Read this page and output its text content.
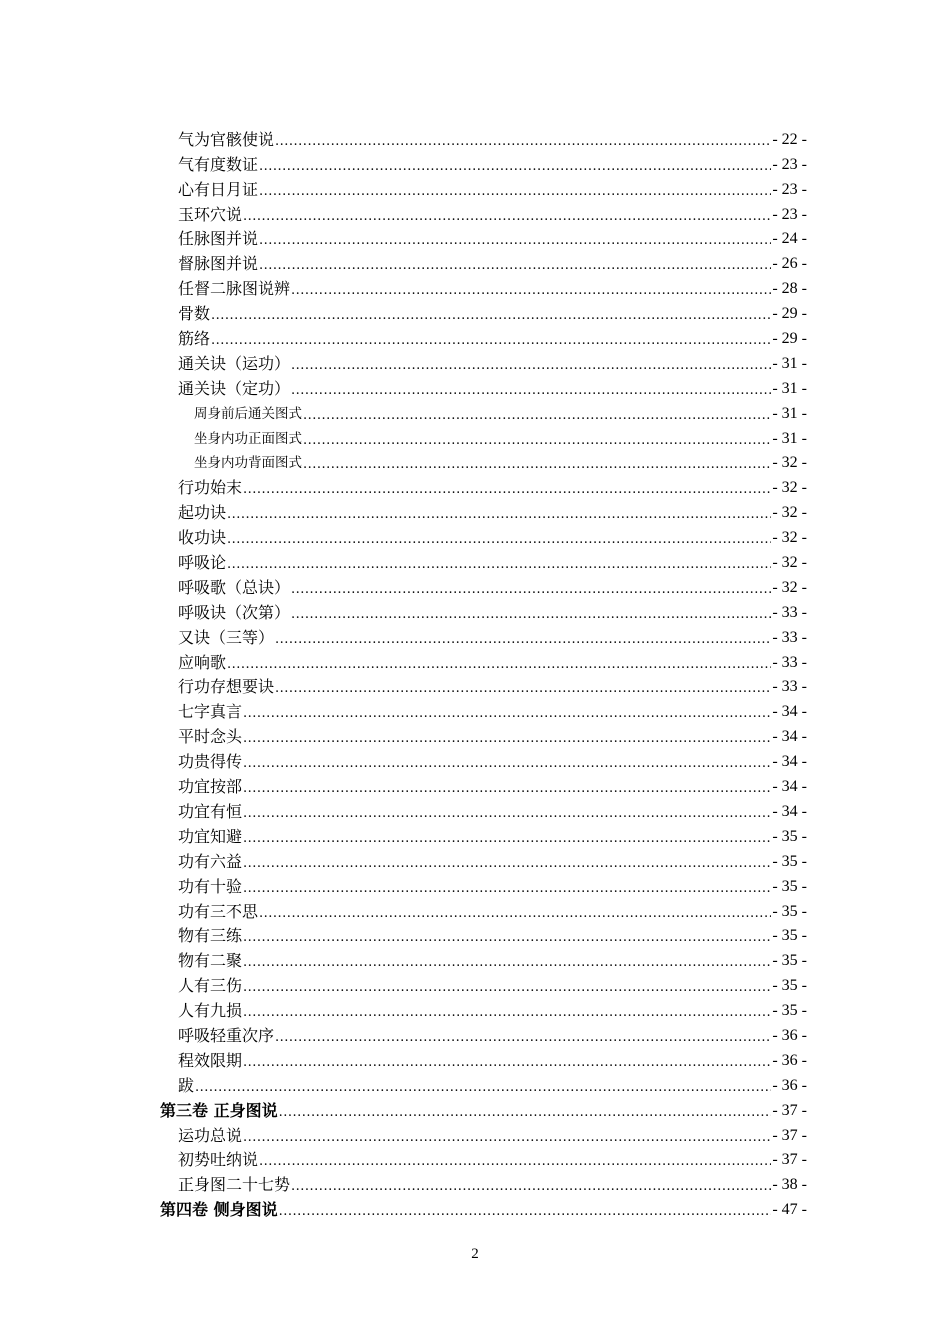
气为官骸使说 .....	- 22 -
气有度数证 .....	- 23 -
心有日月证 .....	- 23 -
玉环穴说 .....	- 23 -
任脉图并说 .....	- 24 -
督脉图并说 .....	- 26 -
任督二脉图说辨 .....	- 28 -
骨数 .....	- 29 -
筋络 .....	- 29 -
通关诀（运功） .....	- 31 -
通关诀（定功） .....	- 31 -
周身前后通关图式 .....	- 31 -
坐身内功正面图式 .....	- 31 -
坐身内功背面图式 .....	- 32 -
行功始末 .....	- 32 -
起功诀 .....	- 32 -
收功诀 .....	- 32 -
呼吸论 .....	- 32 -
呼吸歌（总诀） .....	- 32 -
呼吸诀（次第） .....	- 33 -
又诀（三等） .....	- 33 -
应响歌 .....	- 33 -
行功存想要诀 .....	- 33 -
七字真言 .....	- 34 -
平时念头 .....	- 34 -
功贵得传 .....	- 34 -
功宜按部 .....	- 34 -
功宜有恒 .....	- 34 -
功宜知避 .....	- 35 -
功有六益 .....	- 35 -
功有十验 .....	- 35 -
功有三不思 .....	- 35 -
物有三练 .....	- 35 -
物有二聚 .....	- 35 -
人有三伤 .....	- 35 -
人有九损 .....	- 35 -
呼吸轻重次序 .....	- 36 -
程效限期 .....	- 36 -
跋 .....	- 36 -
第三卷 正身图说 .....	- 37 -
运功总说 .....	- 37 -
初势吐纳说 .....	- 37 -
正身图二十七势 .....	- 38 -
第四卷 侧身图说 .....	- 47 -
2
